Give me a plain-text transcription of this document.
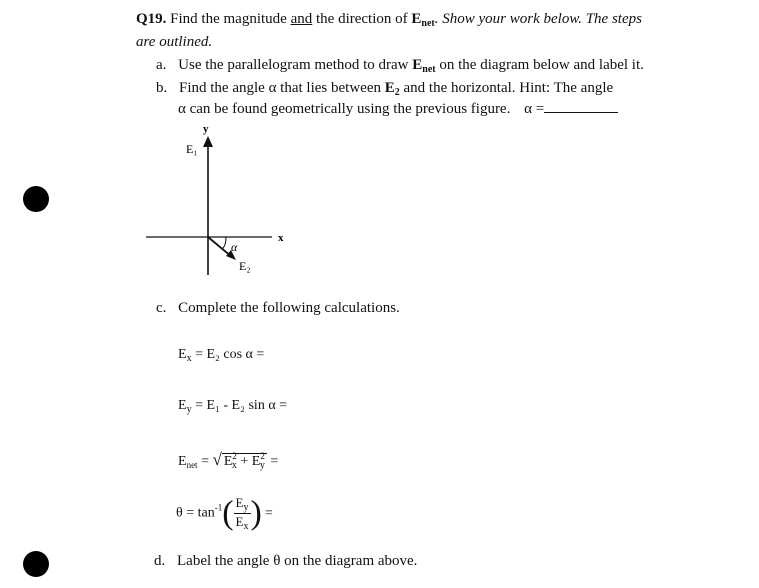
Q19. Find the magnitude and the direction of $E_{net}$. Show your work below. The steps
are outlined.
a. Use the parallelogram method to draw $E_{net}$ on the diagram below and label it.
b. Find the angle α that lies between $E_2$ and the horizontal. Hint: The angle
α can be found geometrically using the previous figure. α =
y
x
E₁
E₂
α
c. Complete the following calculations.
$E_x = E_2$ cos α =
$E_y = E_1 - E_2$ sin α =
$E_{net}$ = √ $E^2_x + E^2_y$ =
$\theta = \tan^{-1}( \frac{E_y}{E_x}$ ) =
d. Label the angle θ on the diagram above.
